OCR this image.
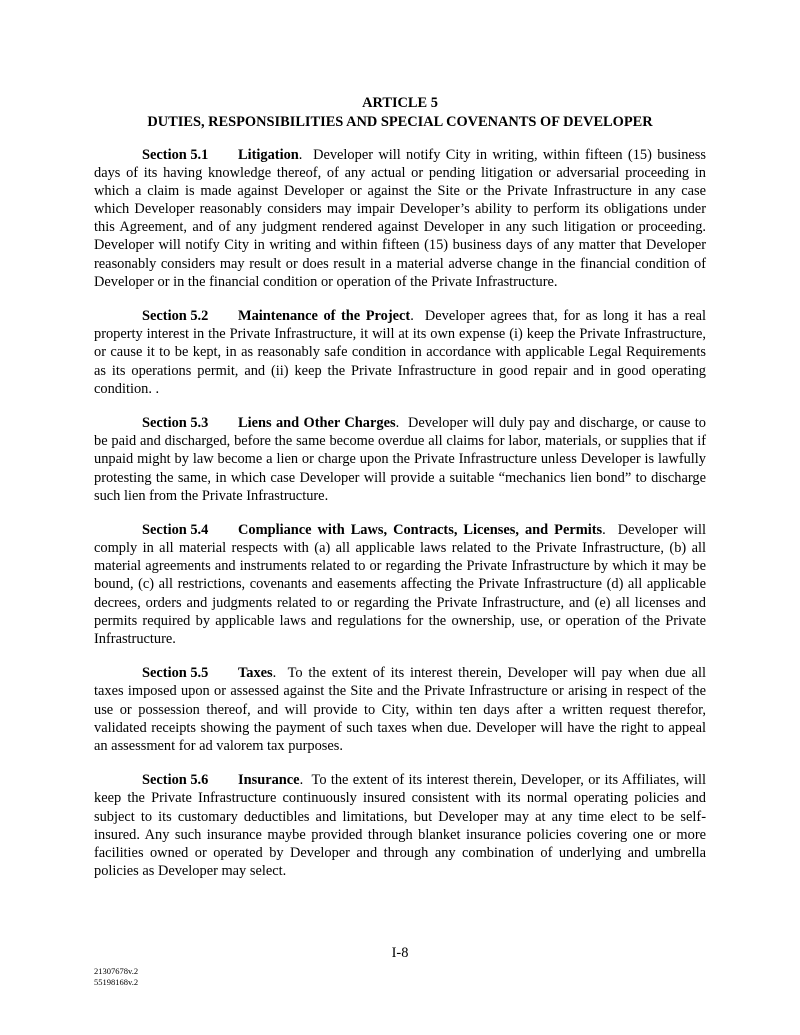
ARTICLE 5
DUTIES, RESPONSIBILITIES AND SPECIAL COVENANTS OF DEVELOPER

Section 5.1 Litigation.  Developer will notify City in writing, within fifteen (15) business days of its having knowledge thereof, of any actual or pending litigation or adversarial proceeding in which a claim is made against Developer or against the Site or the Private Infrastructure in any case which Developer reasonably considers may impair Developer’s ability to perform its obligations under this Agreement, and of any judgment rendered against Developer in any such litigation or proceeding. Developer will notify City in writing and within fifteen (15) business days of any matter that Developer reasonably considers may result or does result in a material adverse change in the financial condition of Developer or in the financial condition or operation of the Private Infrastructure.

Section 5.2 Maintenance of the Project.  Developer agrees that, for as long it has a real property interest in the Private Infrastructure, it will at its own expense (i) keep the Private Infrastructure, or cause it to be kept, in as reasonably safe condition in accordance with applicable Legal Requirements as its operations permit, and (ii) keep the Private Infrastructure in good repair and in good operating condition. .

Section 5.3 Liens and Other Charges.  Developer will duly pay and discharge, or cause to be paid and discharged, before the same become overdue all claims for labor, materials, or supplies that if unpaid might by law become a lien or charge upon the Private Infrastructure unless Developer is lawfully protesting the same, in which case Developer will provide a suitable “mechanics lien bond” to discharge such lien from the Private Infrastructure.

Section 5.4 Compliance with Laws, Contracts, Licenses, and Permits.  Developer will comply in all material respects with (a) all applicable laws related to the Private Infrastructure, (b) all material agreements and instruments related to or regarding the Private Infrastructure by which it may be bound, (c) all restrictions, covenants and easements affecting the Private Infrastructure (d) all applicable decrees, orders and judgments related to or regarding the Private Infrastructure, and (e) all licenses and permits required by applicable laws and regulations for the ownership, use, or operation of the Private Infrastructure.

Section 5.5 Taxes.  To the extent of its interest therein, Developer will pay when due all taxes imposed upon or assessed against the Site and the Private Infrastructure or arising in respect of the use or possession thereof, and will provide to City, within ten days after a written request therefor, validated receipts showing the payment of such taxes when due. Developer will have the right to appeal an assessment for ad valorem tax purposes.

Section 5.6 Insurance.  To the extent of its interest therein, Developer, or its Affiliates, will keep the Private Infrastructure continuously insured consistent with its normal operating policies and subject to its customary deductibles and limitations, but Developer may at any time elect to be self-insured. Any such insurance maybe provided through blanket insurance policies covering one or more facilities owned or operated by Developer and through any combination of underlying and umbrella policies as Developer may select.

I-8
21307678v.2
55198168v.2
